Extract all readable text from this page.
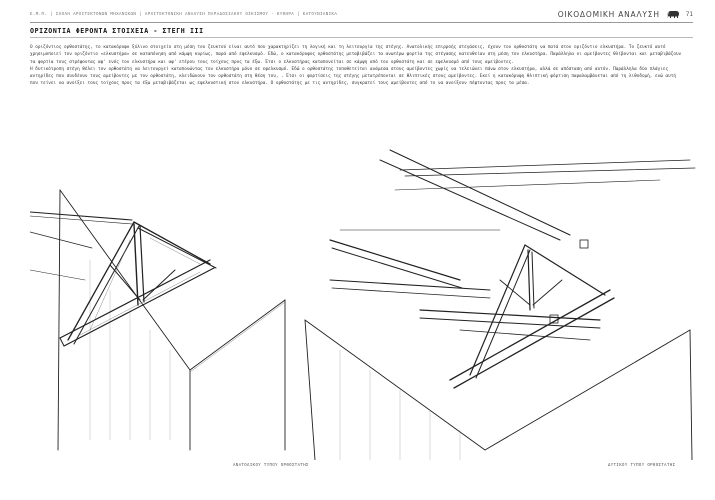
Ε.Μ.Π. | ΣΧΟΛΗ ΑΡΧΙΤΕΚΤΟΝΩΝ ΜΗΧΑΝΙΚΩΝ | ΑΡΧΙΤΕΚΤΟΝΙΚΗ ΑΝΑΛΥΣΗ ΠΑΡΑΔΟΣΙΑΚΟΥ ΟΙΚΙΣΜΟΥ - ΚΥΘΗΡΑ | ΚΑΤΟΥΝΙΑΝΙΚΑ	ΟΙΚΟΔΟΜΙΚΗ ΑΝΑΛΥΣΗ	71
ΟΡΙΖΟΝΤΙΑ ΦΕΡΟΝΤΑ ΣΤΟΙΧΕΙΑ - ΣΤΕΓΗ III

Ο οριζόντιος ορθοστάτης, το κατακόρυφο ξύλινο στοιχείο στη μέση του ζευκτού είναι αυτό που χαρακτηρίζει τη λογική και τη λειτουργία της στέγης. Ανατολικής επιρροής στεγάσεις, έχουν τον ορθοστάτη να πατά στον οριζόντιο ελκυστήρα. Το ζευκτό αυτό χρησιμοποιεί τον οριζόντιο «ελκυστήρα» σε καταπόνηση από κάμψη κυρίως, παρά από εφελκυσμό. Εδώ, ο κατακόρυφος ορθοστάτης μεταβιβάζει τα ανωτέρω φορτία της στέγασης κατευθείαν στη μέση του ελκυστήρα. Παράλληλα οι αμείβοντες θλίβονται και μεταβιβάζουν τα φορτία τους στρέφοντας αφ' ενός τον ελκυστήρα και αφ' ετέρου τους τοίχους προς τα έξω. Έτσι ο ελκυστήρας καταπονείται σε κάμψη από τον ορθοστάτη και σε εφελκυσμό από τους αμείβοντες.

Η δυτικότροπη στέγη θέλει τον ορθοστάτη να λειτουργεί καταπονώντας τον ελκυστήρα μόνο σε εφελκυσμό. Εδώ ο ορθοστάτης τοποθετείται ανάμεσα στους αμείβοντες χωρίς να τελειώνει πάνω στον ελκυστήρα, αλλά σε απόσταση από αυτόν. Παράλληλα δύο πλάγιες αντηρίδες που συνδέουν τους αμείβοντες με τον ορθοστάτη, κλειδώνουν τον ορθοστάτη στη θέση του, . Έτσι οι φορτίσεις της στέγης μετατρέπονται σε θλιπτικές στους αμείβοντες. Εκεί η κατακόρυφη θλιπτική φόρτιση παραλαμβάνεται από τη λιθοδομή, ενώ αυτή που τείνει να ανοίξει τους τοίχους προς τα έξω μεταβιβάζεται ως εφελκυστική στον ελκυστήρα. Ο ορθοστάτης με τις αντηρίδες, συγκρατεί τους αμείβοντες από το να ανοίξουν πέφτοντας προς τα μέσα.

ΑΝΑΤΟΛΙΚΟΥ ΤΥΠΟΥ ΟΡΘΟΣΤΑΤΗΣ	ΔΥΤΙΚΟΥ ΤΥΠΟΥ ΟΡΘΟΣΤΑΤΗΣ
